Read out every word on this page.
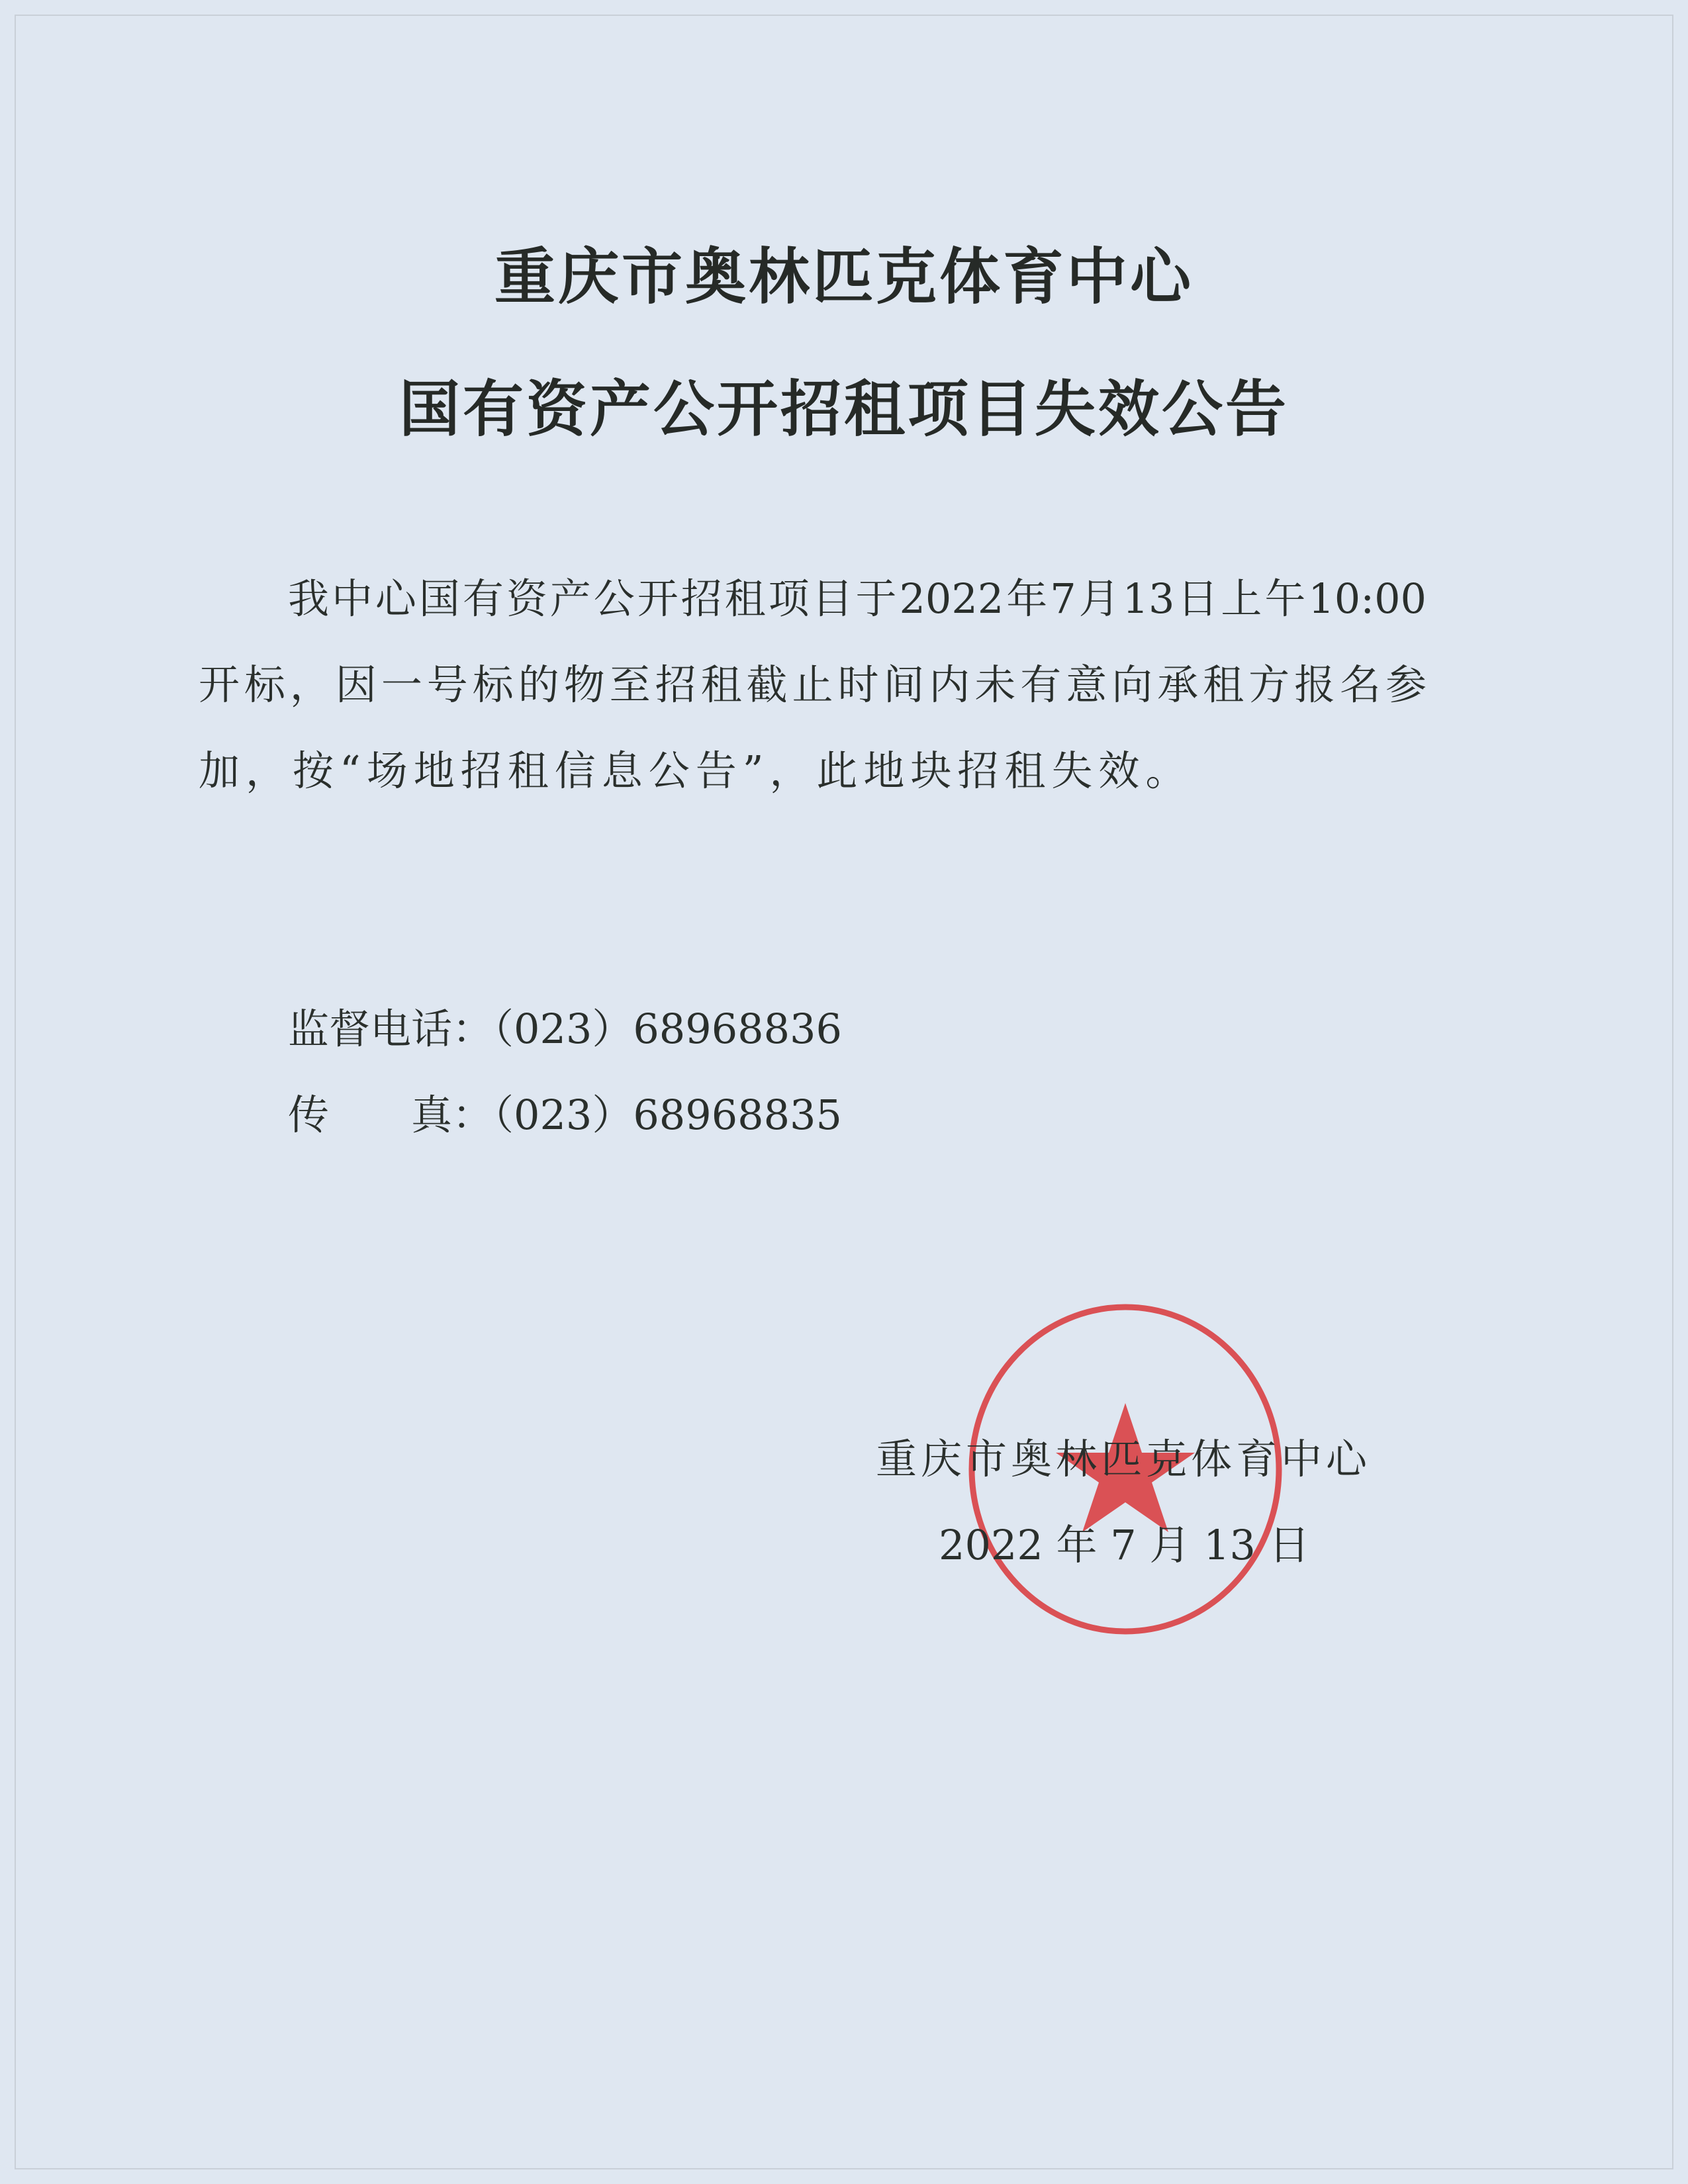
重庆市奥林匹克体育中心
国有资产公开招租项目失效公告
我中心国有资产公开招租项目于2022年7月13日上午10:00
开标，因一号标的物至招租截止时间内未有意向承租方报名参
加，按“场地招租信息公告”，此地块招租失效。
监督电话：（023）68968836
传　　真：（023）68968835
重庆市奥林匹克体育中心
2022 年 7 月 13 日
